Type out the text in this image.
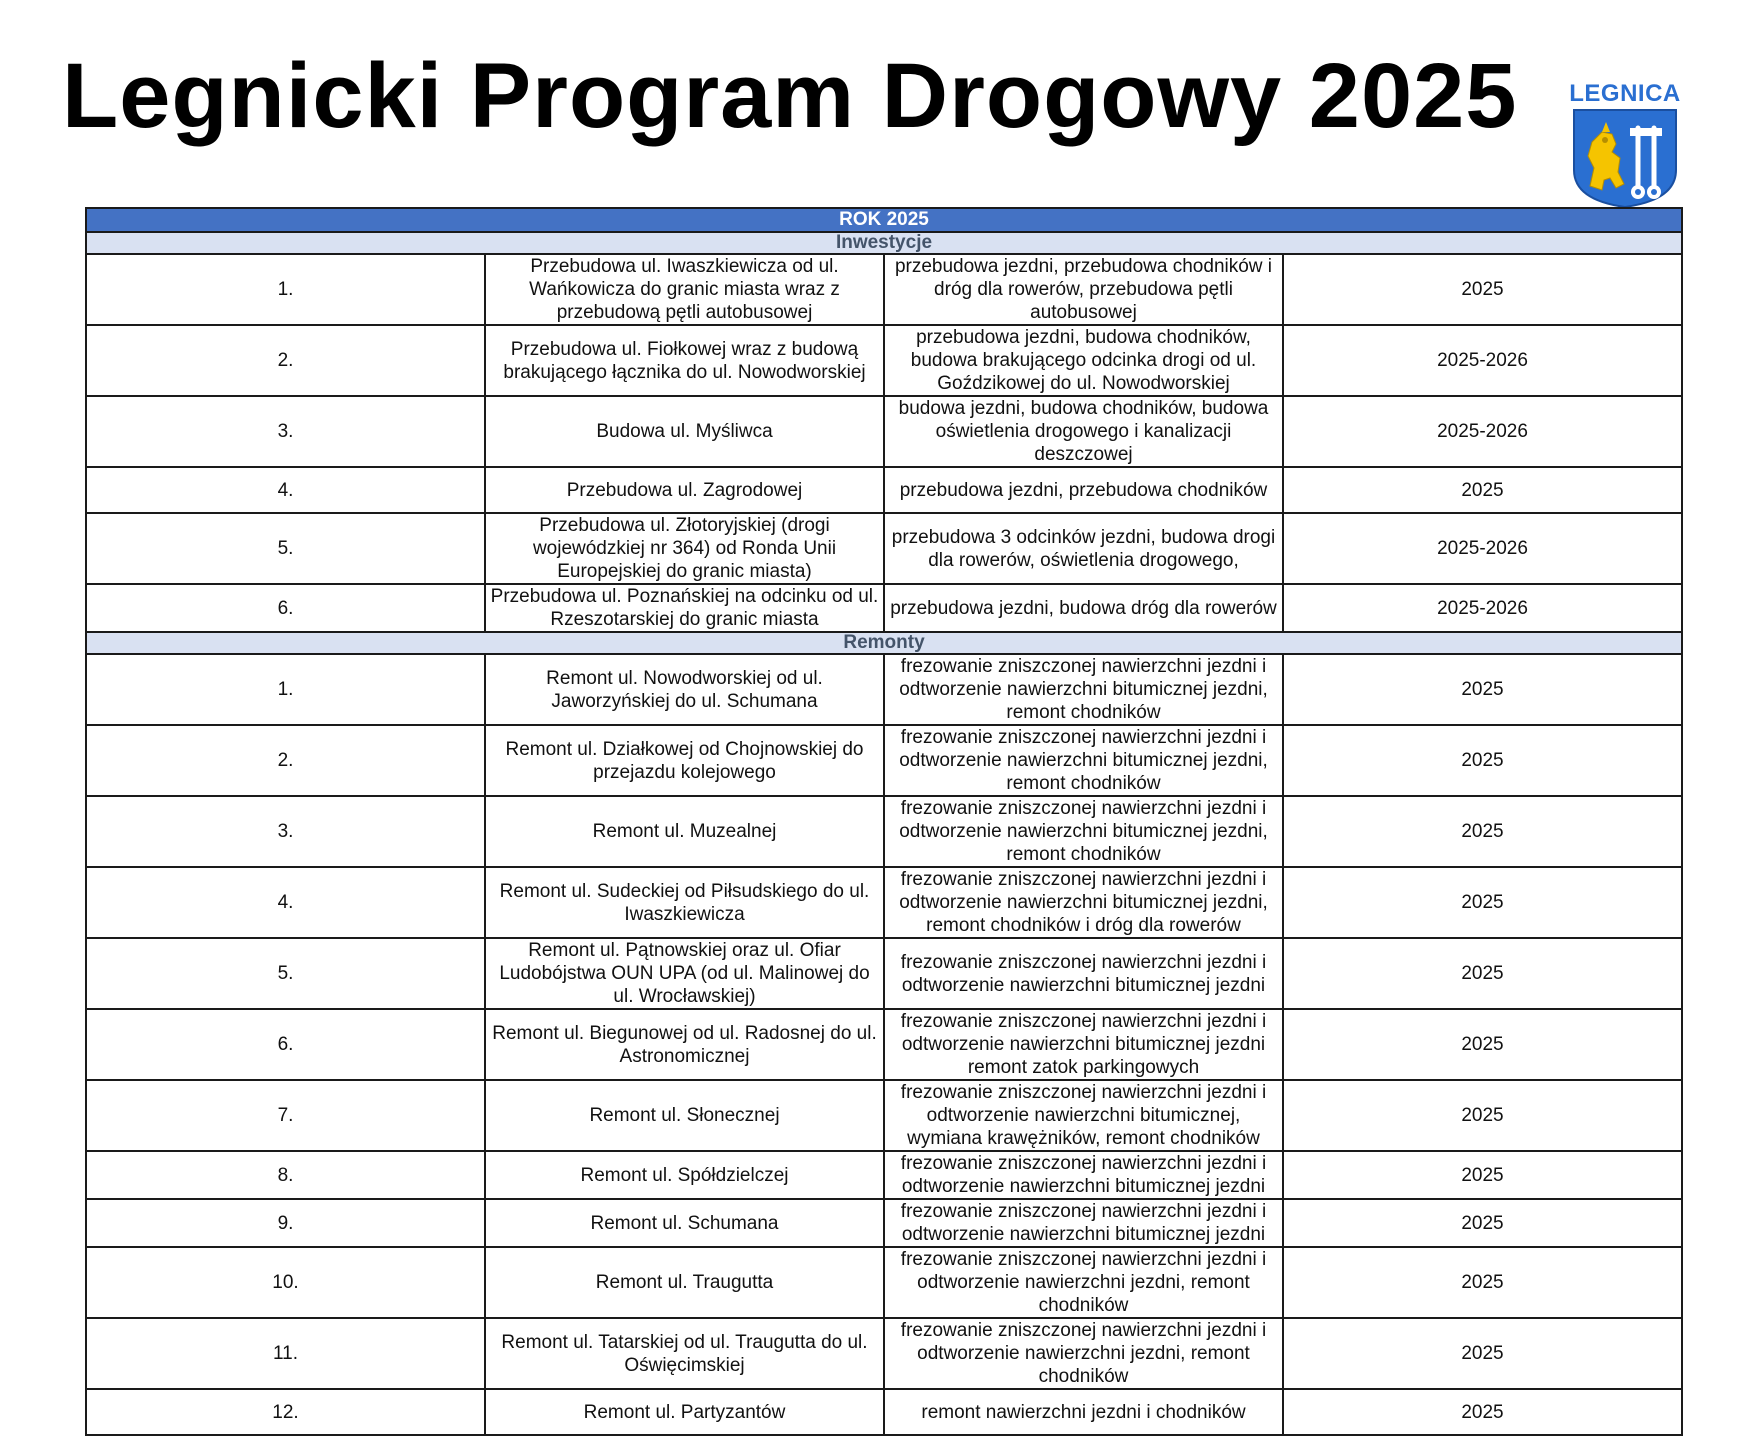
Legnicki Program Drogowy 2025 LEGNICA
ROK 2025			
Inwestycje			
1.	Przebudowa ul. Iwaszkiewicza od ul. Wańkowicza do granic miasta wraz z przebudową pętli autobusowej	przebudowa jezdni, przebudowa chodników i dróg dla rowerów, przebudowa pętli autobusowej	2025
2.	Przebudowa ul. Fiołkowej wraz z budową brakującego łącznika do ul. Nowodworskiej	przebudowa jezdni, budowa chodników, budowa brakującego odcinka drogi od ul. Goździkowej do ul. Nowodworskiej	2025-2026
3.	Budowa ul. Myśliwca	budowa jezdni, budowa chodników, budowa oświetlenia drogowego i kanalizacji deszczowej	2025-2026
4.	Przebudowa ul. Zagrodowej	przebudowa jezdni, przebudowa chodników	2025
5.	Przebudowa ul. Złotoryjskiej (drogi wojewódzkiej nr 364) od Ronda Unii Europejskiej do granic miasta)	przebudowa 3 odcinków jezdni, budowa drogi dla rowerów, oświetlenia drogowego,	2025-2026
6.	Przebudowa ul. Poznańskiej na odcinku od ul. Rzeszotarskiej do granic miasta	przebudowa jezdni, budowa dróg dla rowerów	2025-2026
Remonty			
1.	Remont ul. Nowodworskiej od ul. Jaworzyńskiej do ul. Schumana	frezowanie zniszczonej nawierzchni jezdni i odtworzenie nawierzchni bitumicznej jezdni, remont chodników	2025
2.	Remont ul. Działkowej od Chojnowskiej do przejazdu kolejowego	frezowanie zniszczonej nawierzchni jezdni i odtworzenie nawierzchni bitumicznej jezdni, remont chodników	2025
3.	Remont ul. Muzealnej	frezowanie zniszczonej nawierzchni jezdni i odtworzenie nawierzchni bitumicznej jezdni, remont chodników	2025
4.	Remont ul. Sudeckiej od Piłsudskiego do ul. Iwaszkiewicza	frezowanie zniszczonej nawierzchni jezdni i odtworzenie nawierzchni bitumicznej jezdni, remont chodników i dróg dla rowerów	2025
5.	Remont ul. Pątnowskiej oraz ul. Ofiar Ludobójstwa OUN UPA (od ul. Malinowej do ul. Wrocławskiej)	frezowanie zniszczonej nawierzchni jezdni i odtworzenie nawierzchni bitumicznej jezdni	2025
6.	Remont ul. Biegunowej od ul. Radosnej do ul. Astronomicznej	frezowanie zniszczonej nawierzchni jezdni i odtworzenie nawierzchni bitumicznej jezdni remont zatok parkingowych	2025
7.	Remont ul. Słonecznej	frezowanie zniszczonej nawierzchni jezdni i odtworzenie nawierzchni bitumicznej, wymiana krawężników, remont chodników	2025
8.	Remont ul. Spółdzielczej	frezowanie zniszczonej nawierzchni jezdni i odtworzenie nawierzchni bitumicznej jezdni	2025
9.	Remont ul. Schumana	frezowanie zniszczonej nawierzchni jezdni i odtworzenie nawierzchni bitumicznej jezdni	2025
10.	Remont ul. Traugutta	frezowanie zniszczonej nawierzchni jezdni i odtworzenie nawierzchni jezdni, remont chodników	2025
11.	Remont ul. Tatarskiej od ul. Traugutta do ul. Oświęcimskiej	frezowanie zniszczonej nawierzchni jezdni i odtworzenie nawierzchni jezdni, remont chodników	2025
12.	Remont ul. Partyzantów	remont nawierzchni jezdni i chodników	2025
